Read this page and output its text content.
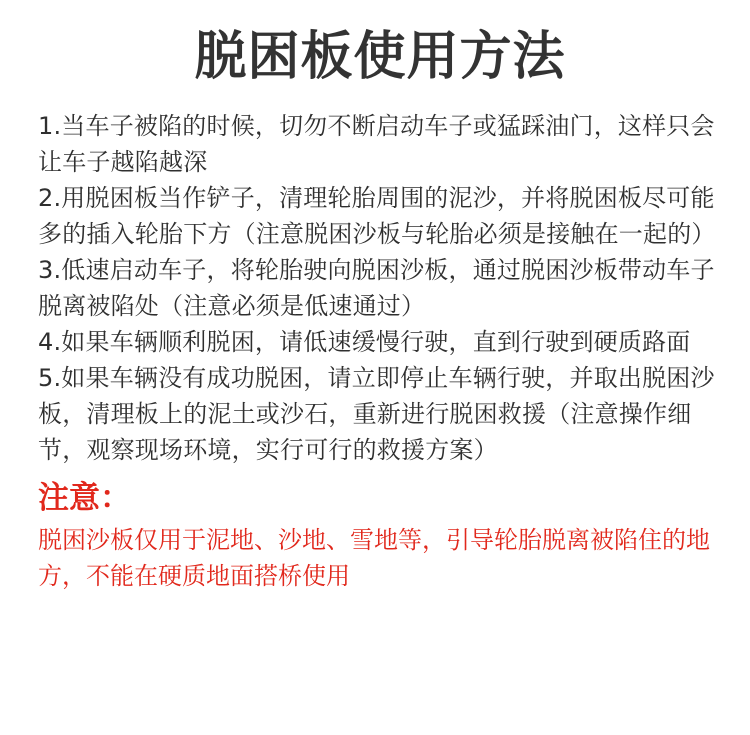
脱困板使用方法

1.当车子被陷的时候，切勿不断启动车子或猛踩油门，这样只会让车子越陷越深

2.用脱困板当作铲子，清理轮胎周围的泥沙，并将脱困板尽可能多的插入轮胎下方（注意脱困沙板与轮胎必须是接触在一起的）

3.低速启动车子，将轮胎驶向脱困沙板，通过脱困沙板带动车子脱离被陷处（注意必须是低速通过）

4.如果车辆顺利脱困，请低速缓慢行驶，直到行驶到硬质路面

5.如果车辆没有成功脱困，请立即停止车辆行驶，并取出脱困沙板，清理板上的泥土或沙石，重新进行脱困救援（注意操作细节，观察现场环境，实行可行的救援方案）

注意：

脱困沙板仅用于泥地、沙地、雪地等，引导轮胎脱离被陷住的地方，不能在硬质地面搭桥使用
